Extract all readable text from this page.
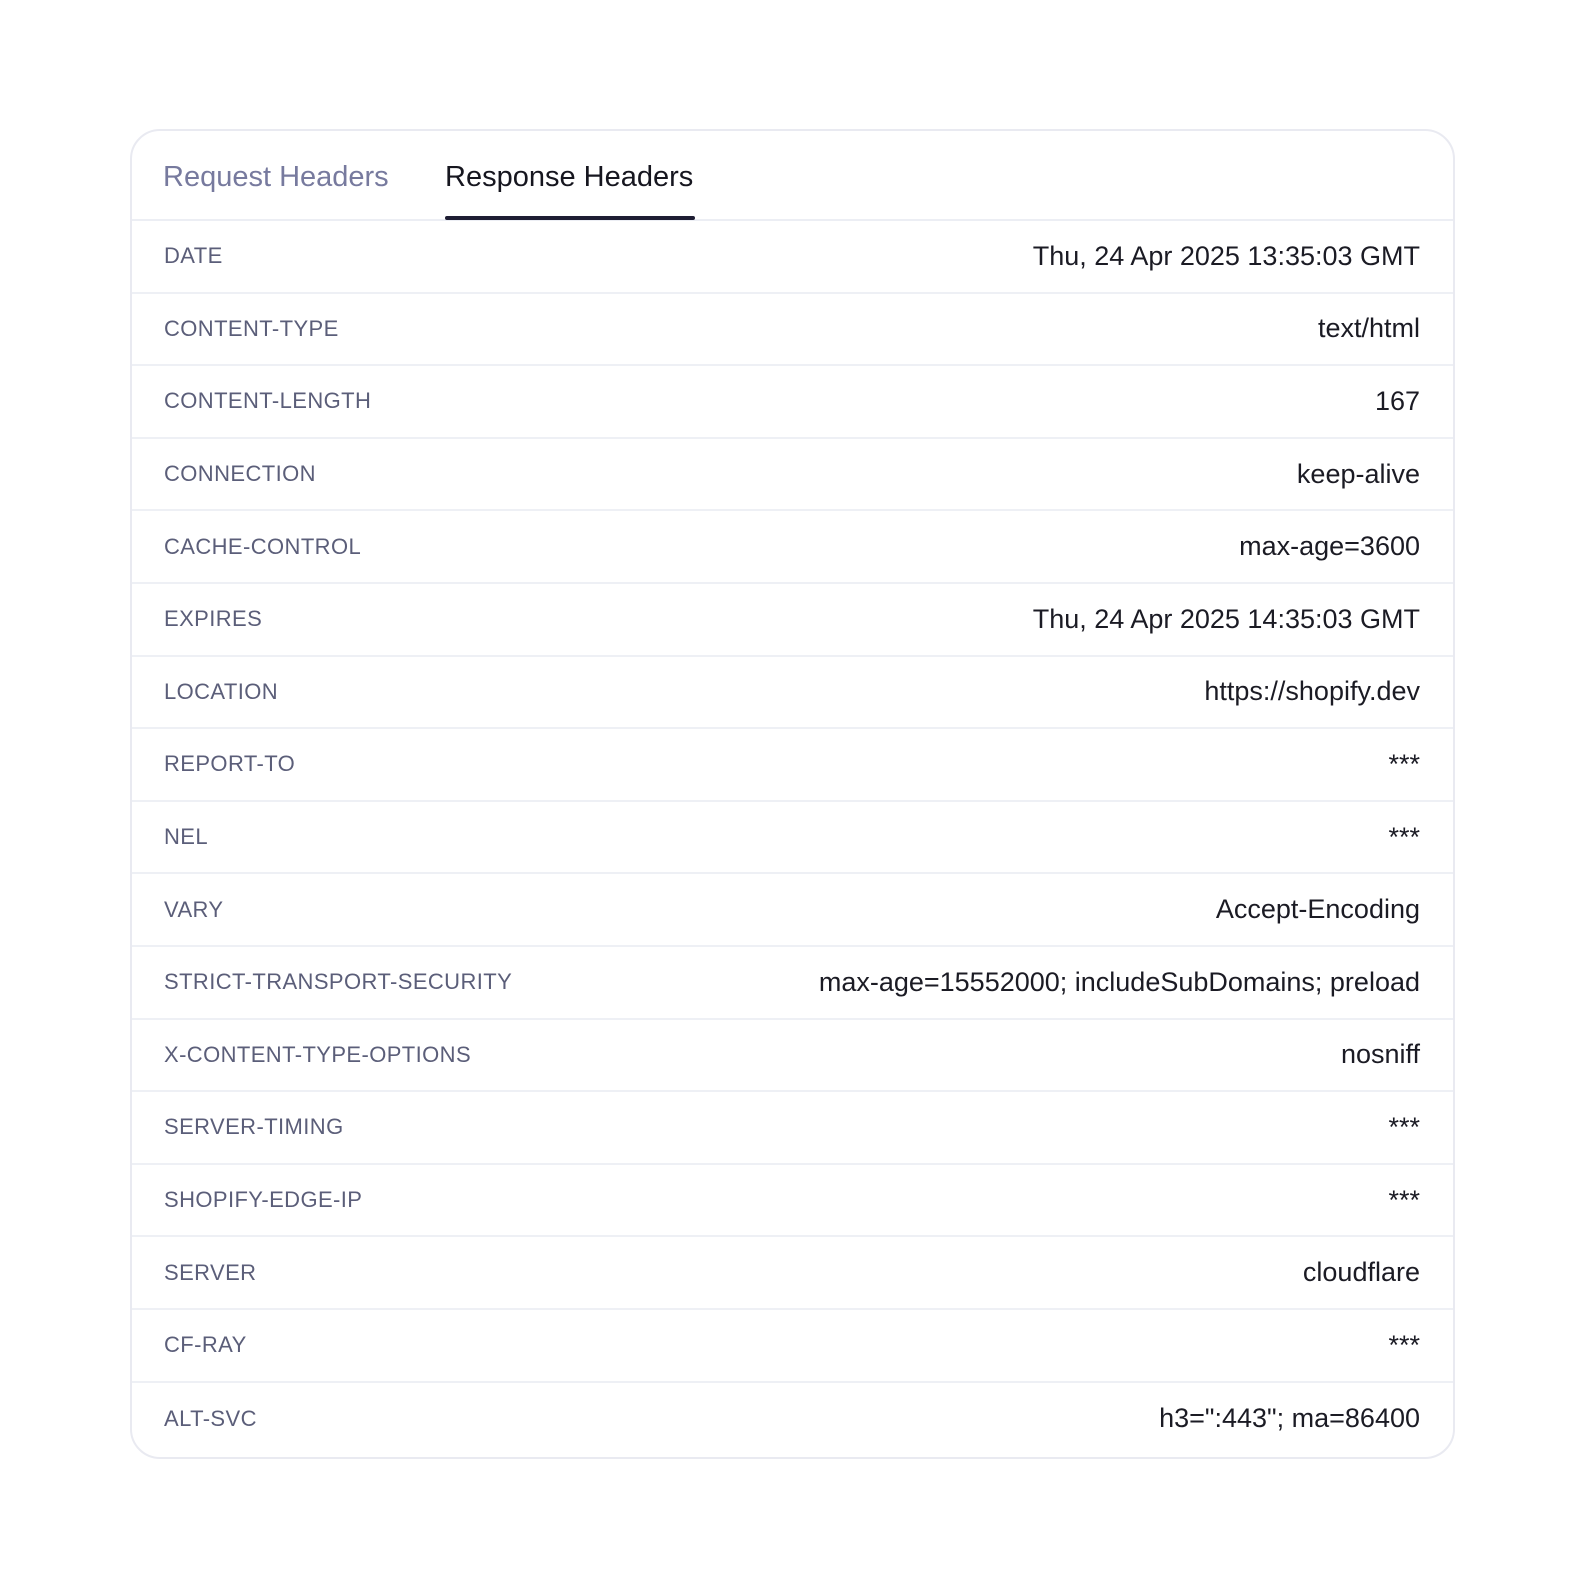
Request Headers Response Headers
DATE	Thu, 24 Apr 2025 13:35:03 GMT
CONTENT-TYPE	text/html
CONTENT-LENGTH	167
CONNECTION	keep-alive
CACHE-CONTROL	max-age=3600
EXPIRES	Thu, 24 Apr 2025 14:35:03 GMT
LOCATION	https://shopify.dev
REPORT-TO	***
NEL	***
VARY	Accept-Encoding
STRICT-TRANSPORT-SECURITY	max-age=15552000; includeSubDomains; preload
X-CONTENT-TYPE-OPTIONS	nosniff
SERVER-TIMING	***
SHOPIFY-EDGE-IP	***
SERVER	cloudflare
CF-RAY	***
ALT-SVC	h3=":443"; ma=86400
